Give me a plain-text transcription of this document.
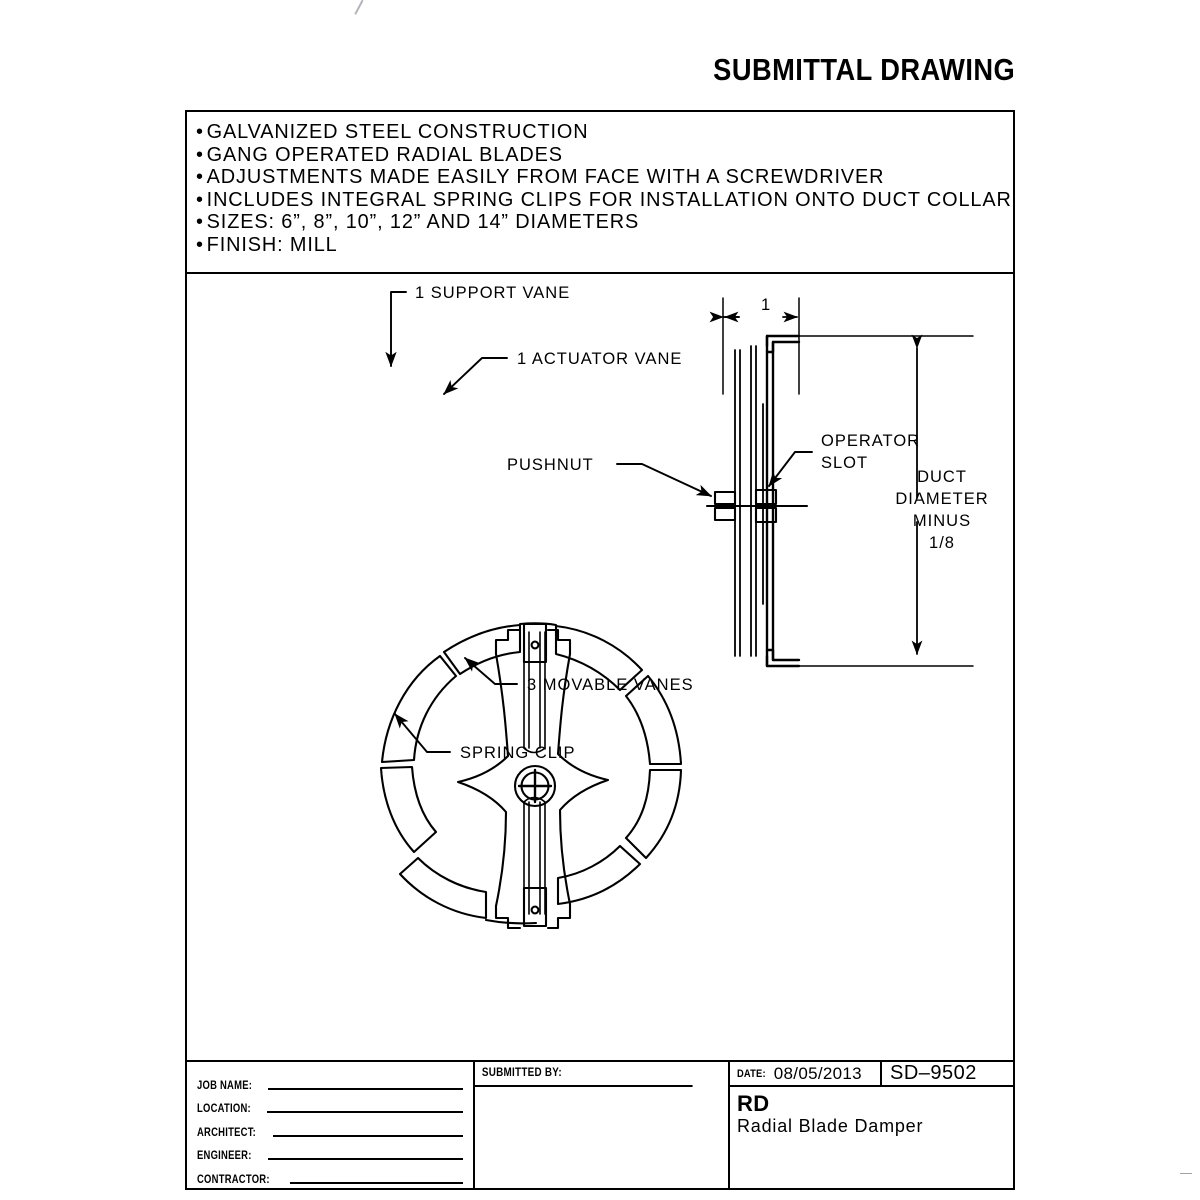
SUBMITTAL DRAWING
• GALVANIZED STEEL CONSTRUCTION
• GANG OPERATED RADIAL BLADES
• ADJUSTMENTS MADE EASILY FROM FACE WITH A SCREWDRIVER
• INCLUDES INTEGRAL SPRING CLIPS FOR INSTALLATION ONTO DUCT COLLAR
• SIZES: 6”, 8”, 10”, 12” AND 14” DIAMETERS
• FINISH: MILL
1 SUPPORT VANE
1 ACTUATOR VANE
3 MOVABLE VANES
SPRING CLIP
PUSHNUT
OPERATOR
SLOT
1
DUCT
DIAMETER
MINUS
1/8
JOB NAME:
LOCATION:
ARCHITECT:
ENGINEER:
CONTRACTOR:
SUBMITTED BY:	DATE: 08/05/2013	SD–9502
RD
Radial Blade Damper
